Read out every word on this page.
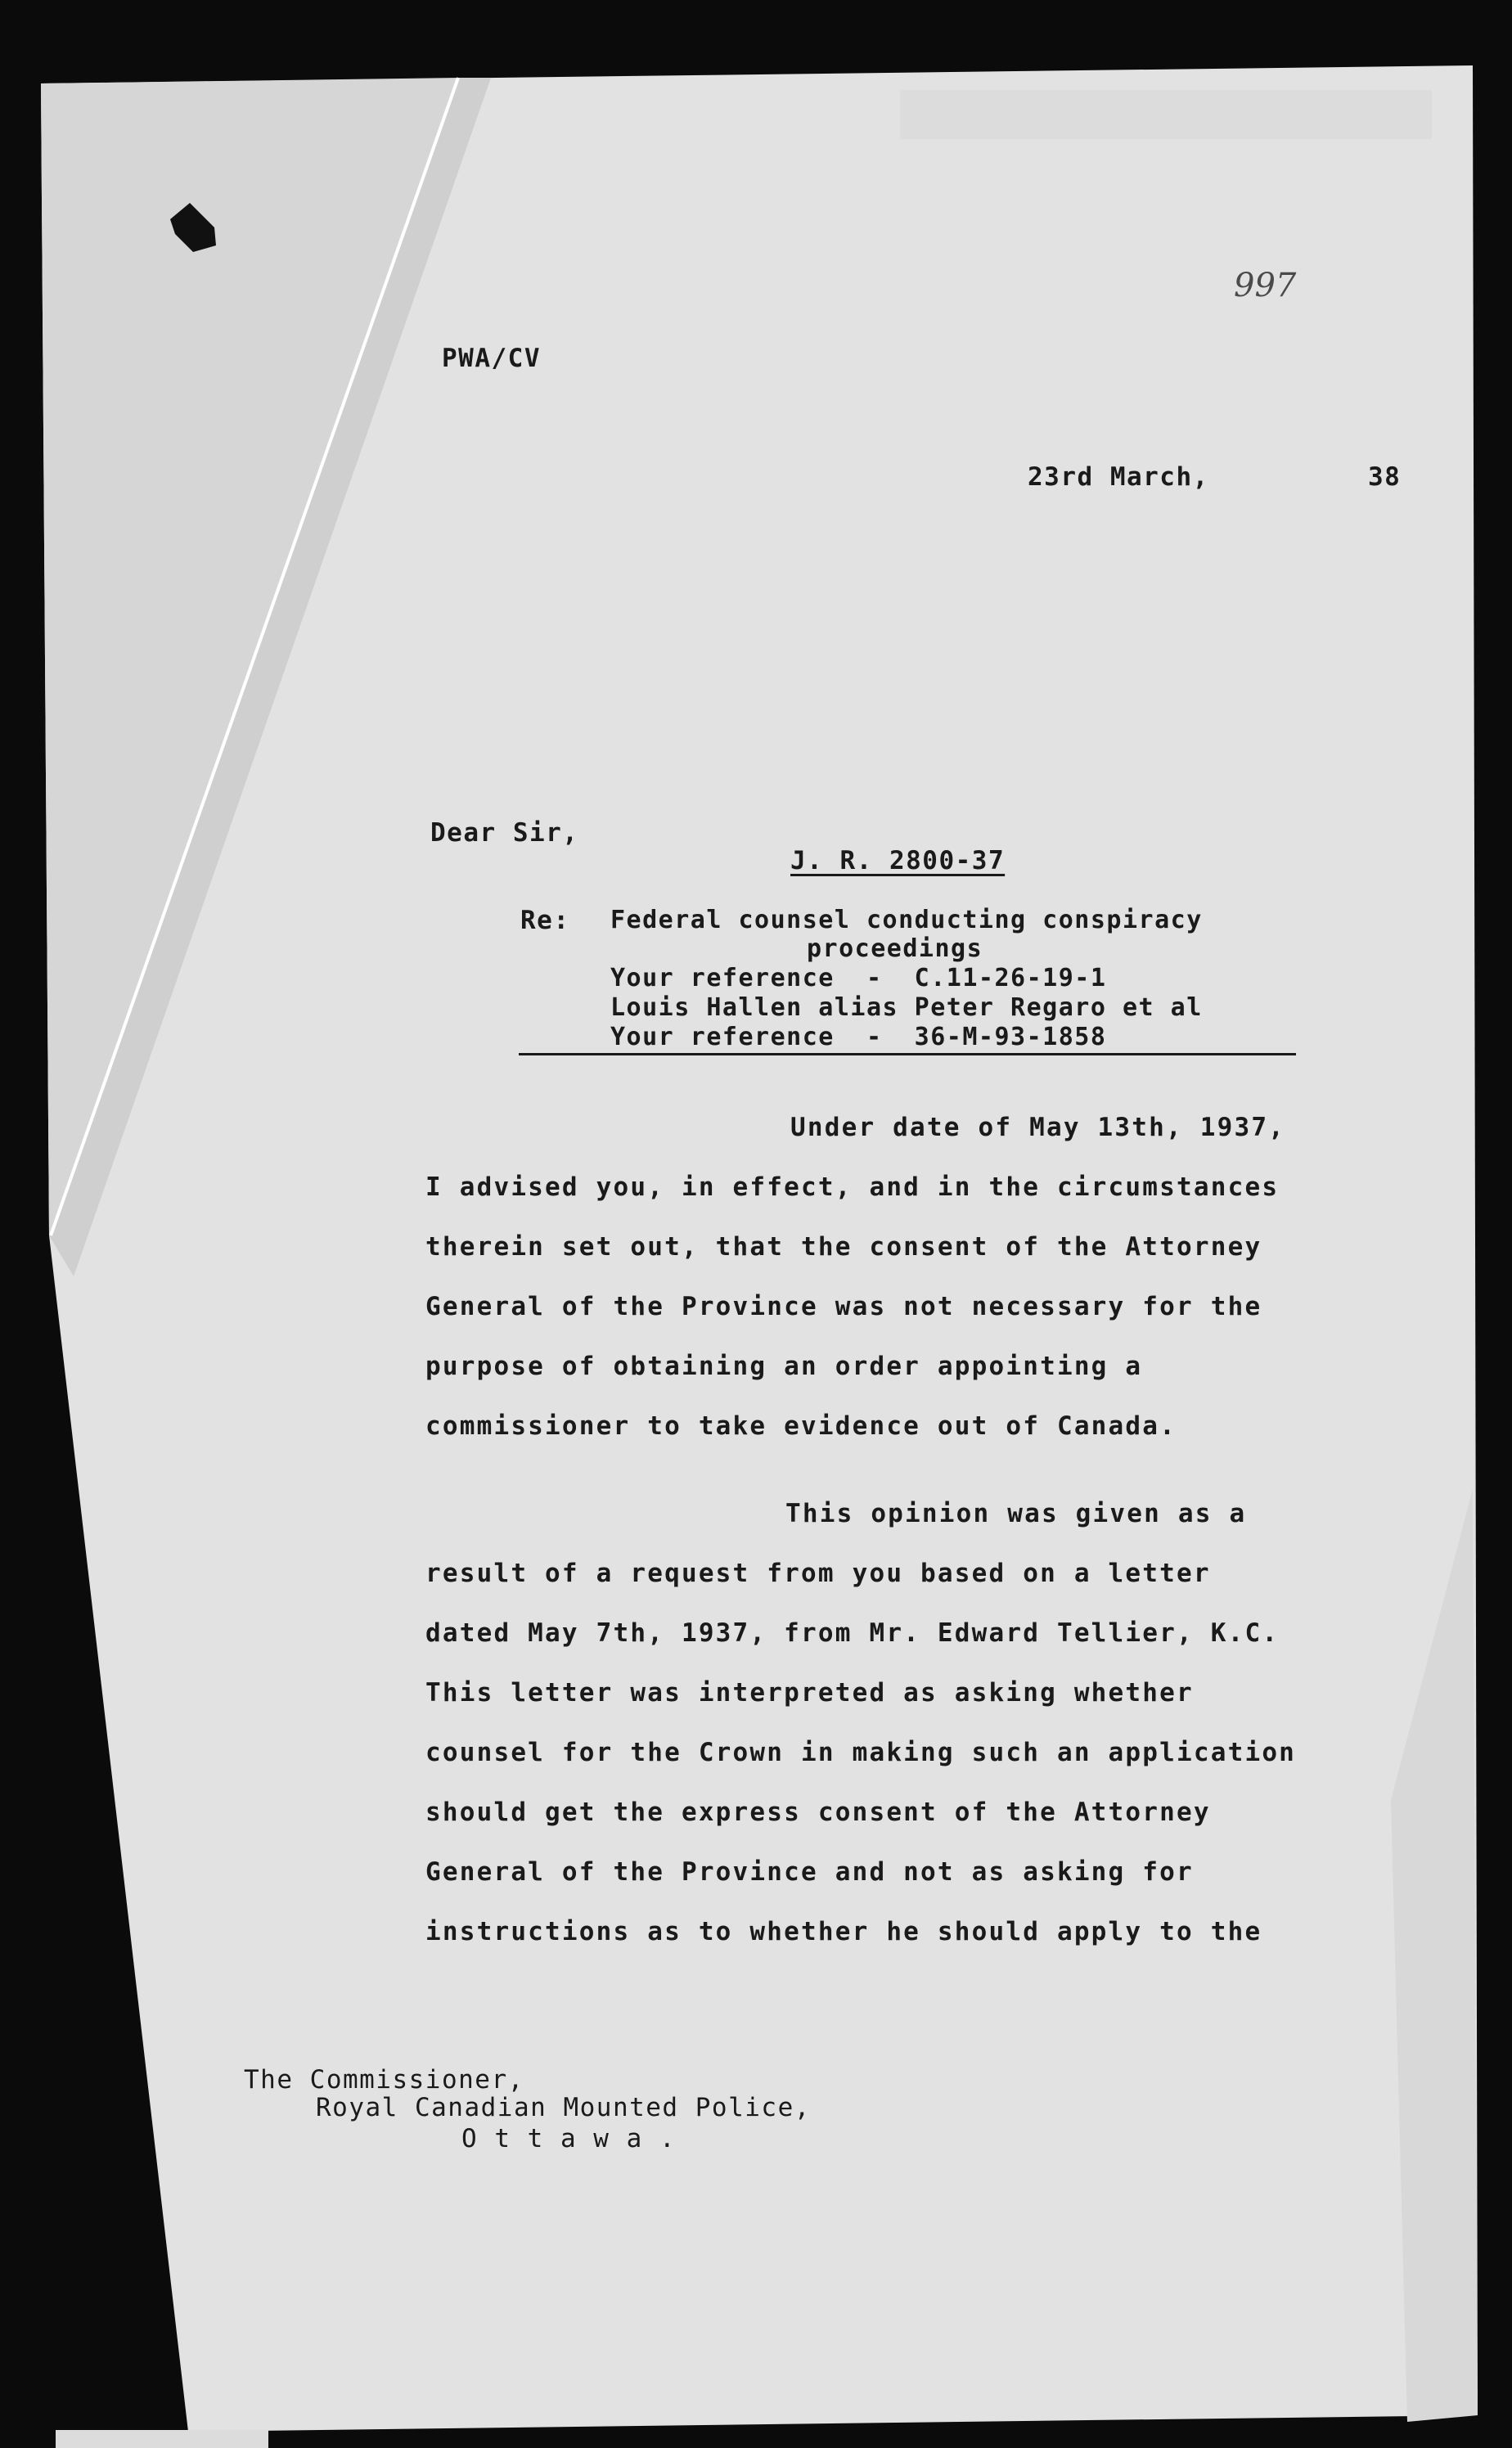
997
PWA/CV
23rd March,	38
Dear Sir,
J. R. 2800-37
Re: Federal counsel conducting conspiracy
proceedings
Your reference  -  C.11-26-19-1
Louis Hallen alias Peter Regaro et al
Your reference  -  36-M-93-1858
Under date of May 13th, 1937,
I advised you, in effect, and in the circumstances
therein set out, that the consent of the Attorney
General of the Province was not necessary for the
purpose of obtaining an order appointing a
commissioner to take evidence out of Canada.
This opinion was given as a
result of a request from you based on a letter
dated May 7th, 1937, from Mr. Edward Tellier, K.C.
This letter was interpreted as asking whether
counsel for the Crown in making such an application
should get the express consent of the Attorney
General of the Province and not as asking for
instructions as to whether he should apply to the
The Commissioner,
Royal Canadian Mounted Police,
O t t a w a .
